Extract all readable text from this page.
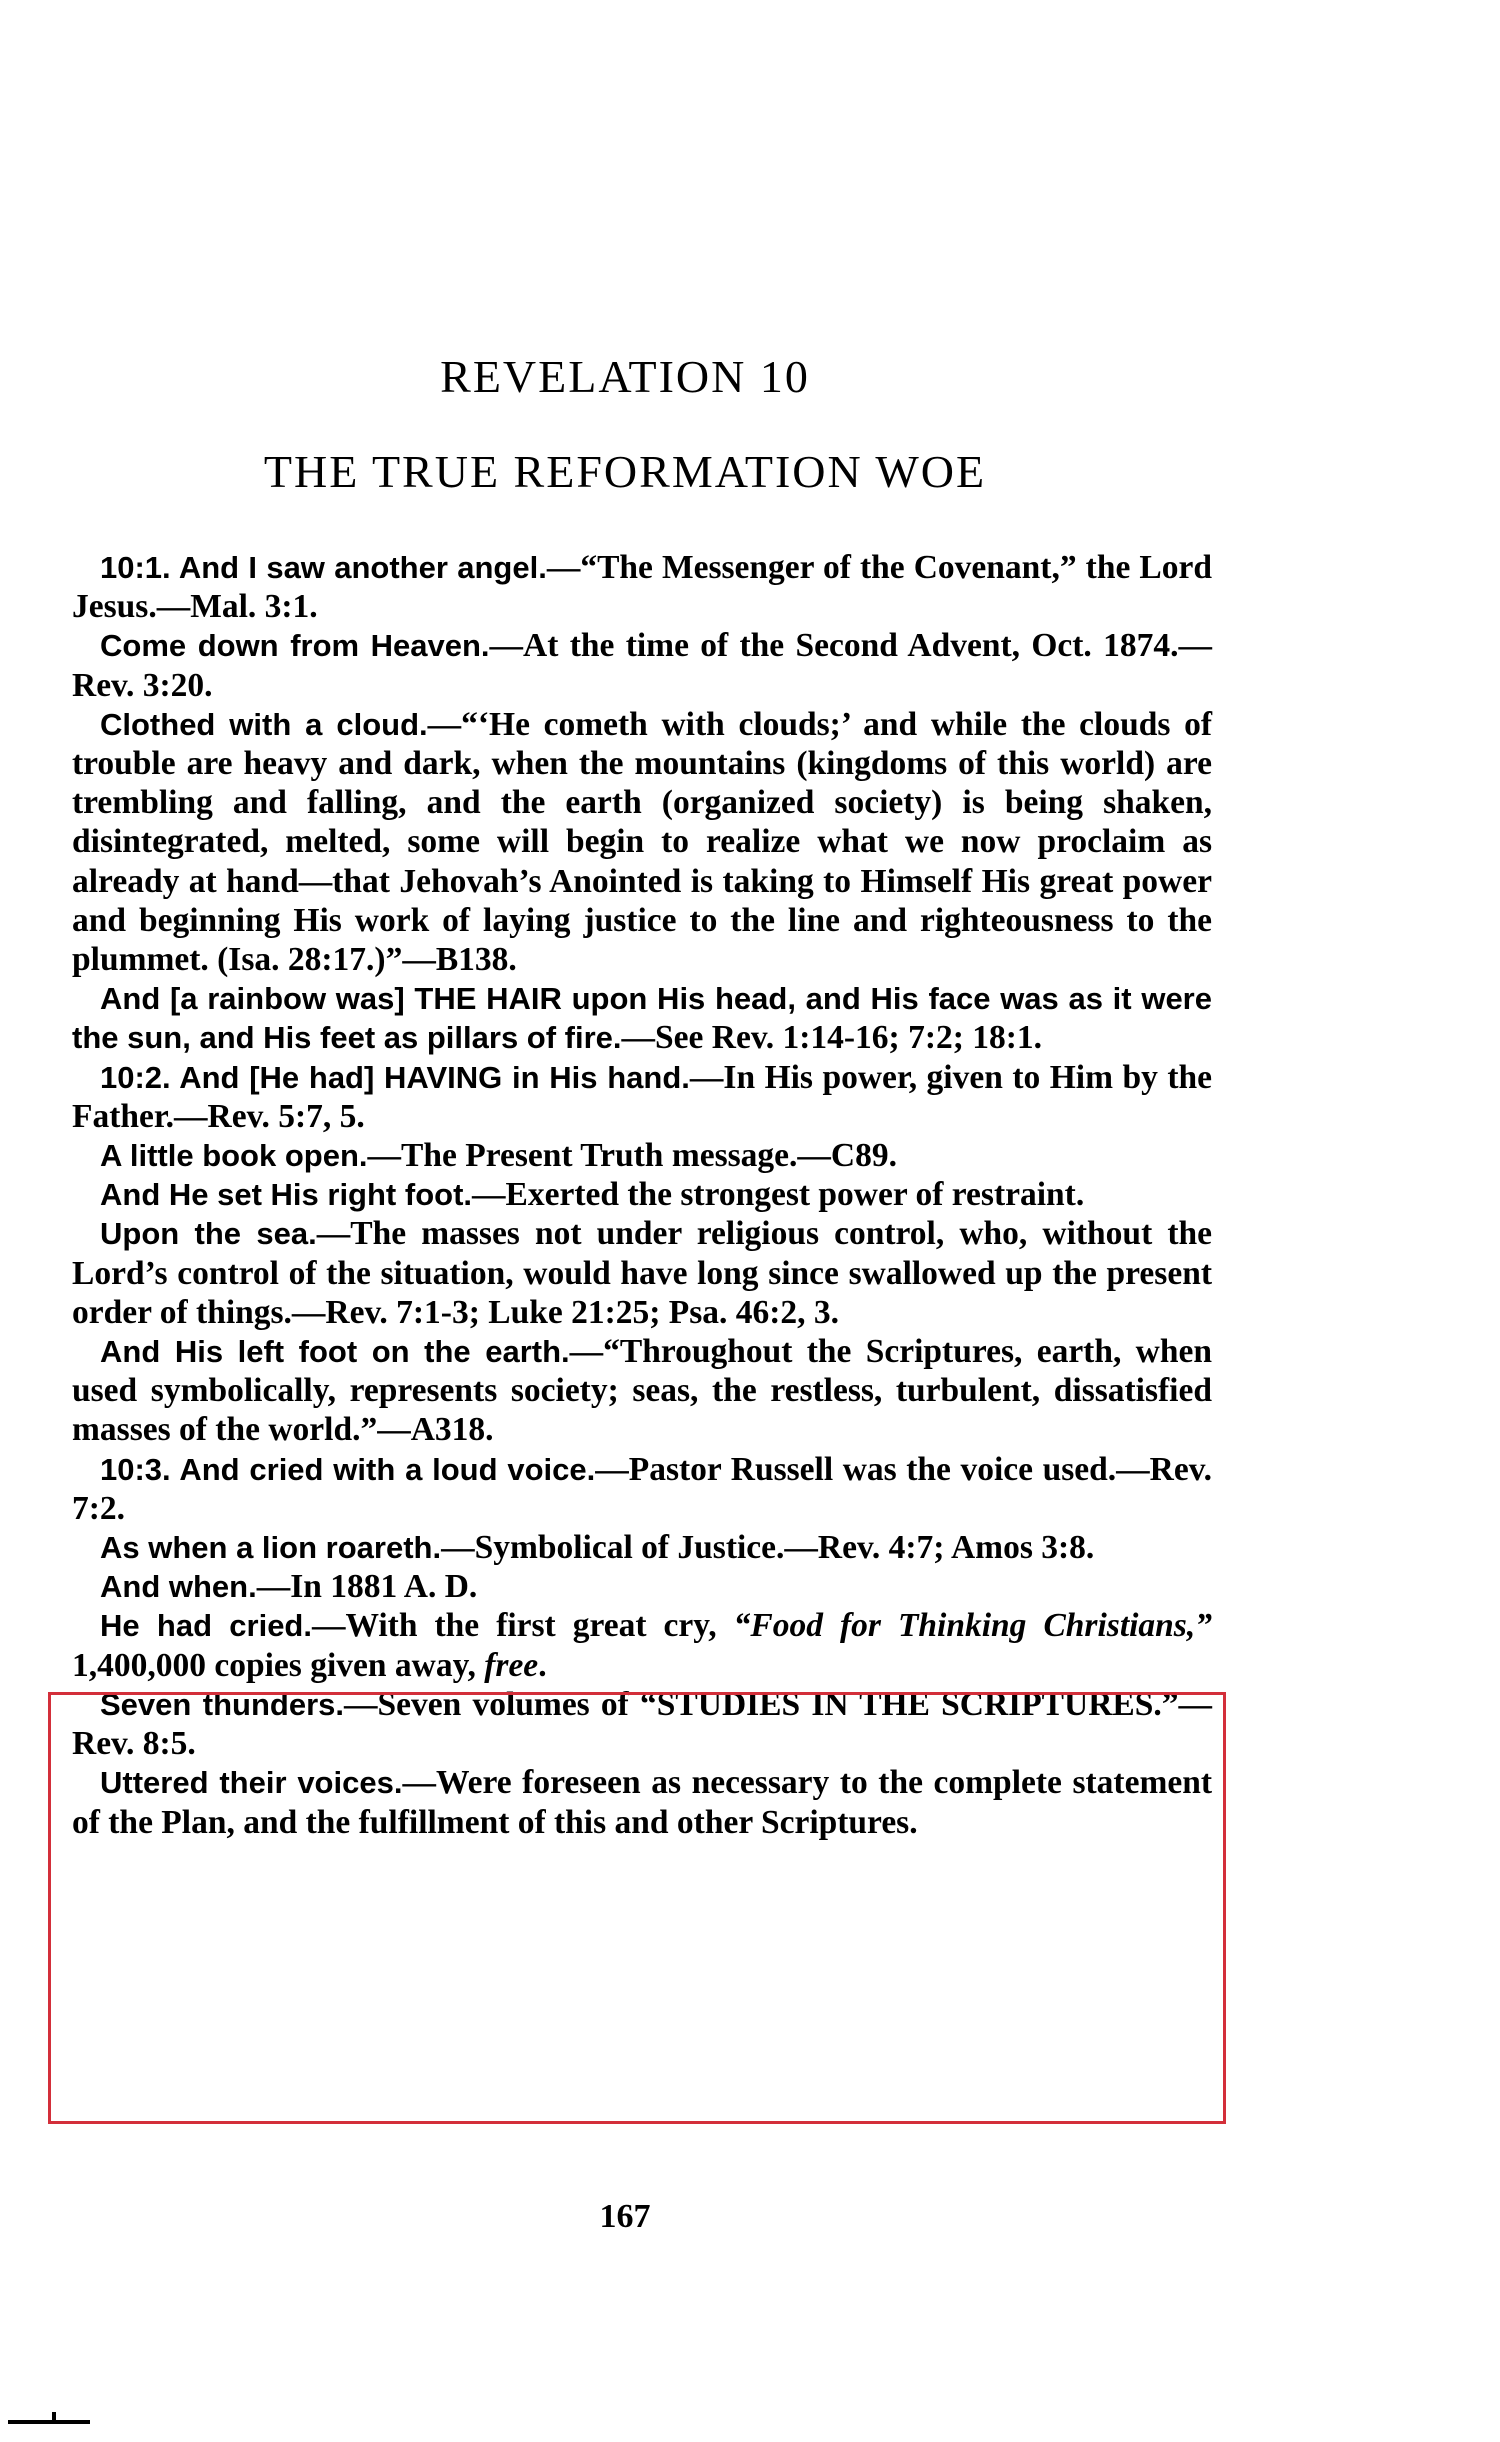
REVELATION 10
THE TRUE REFORMATION WOE

10:1. And I saw another angel.—“The Messenger of the Covenant,” the Lord Jesus.—Mal. 3:1.

Come down from Heaven.—At the time of the Second Advent, Oct. 1874.—Rev. 3:20.

Clothed with a cloud.—“‘He cometh with clouds;’ and while the clouds of trouble are heavy and dark, when the mountains (kingdoms of this world) are trembling and falling, and the earth (organized society) is being shaken, disintegrated, melted, some will begin to realize what we now proclaim as already at hand—that Jehovah’s Anointed is taking to Himself His great power and beginning His work of laying justice to the line and righteousness to the plummet. (Isa. 28:17.)”—B138.

And [a rainbow was] THE HAIR upon His head, and His face was as it were the sun, and His feet as pillars of fire.—See Rev. 1:14-16; 7:2; 18:1.

10:2. And [He had] HAVING in His hand.—In His power, given to Him by the Father.—Rev. 5:7, 5.

A little book open.—The Present Truth message.—C89.

And He set His right foot.—Exerted the strongest power of restraint.

Upon the sea.—The masses not under religious control, who, without the Lord’s control of the situation, would have long since swallowed up the present order of things.—Rev. 7:1-3; Luke 21:25; Psa. 46:2, 3.

And His left foot on the earth.—“Throughout the Scriptures, earth, when used symbolically, represents society; seas, the restless, turbulent, dissatisfied masses of the world.”—A318.

10:3. And cried with a loud voice.—Pastor Russell was the voice used.—Rev. 7:2.

As when a lion roareth.—Symbolical of Justice.—Rev. 4:7; Amos 3:8.

And when.—In 1881 A. D.

He had cried.—With the first great cry, “Food for Thinking Christians,” 1,400,000 copies given away, free.

Seven thunders.—Seven volumes of “STUDIES IN THE SCRIPTURES.”—Rev. 8:5.

Uttered their voices.—Were foreseen as necessary to the complete statement of the Plan, and the fulfillment of this and other Scriptures.

167
